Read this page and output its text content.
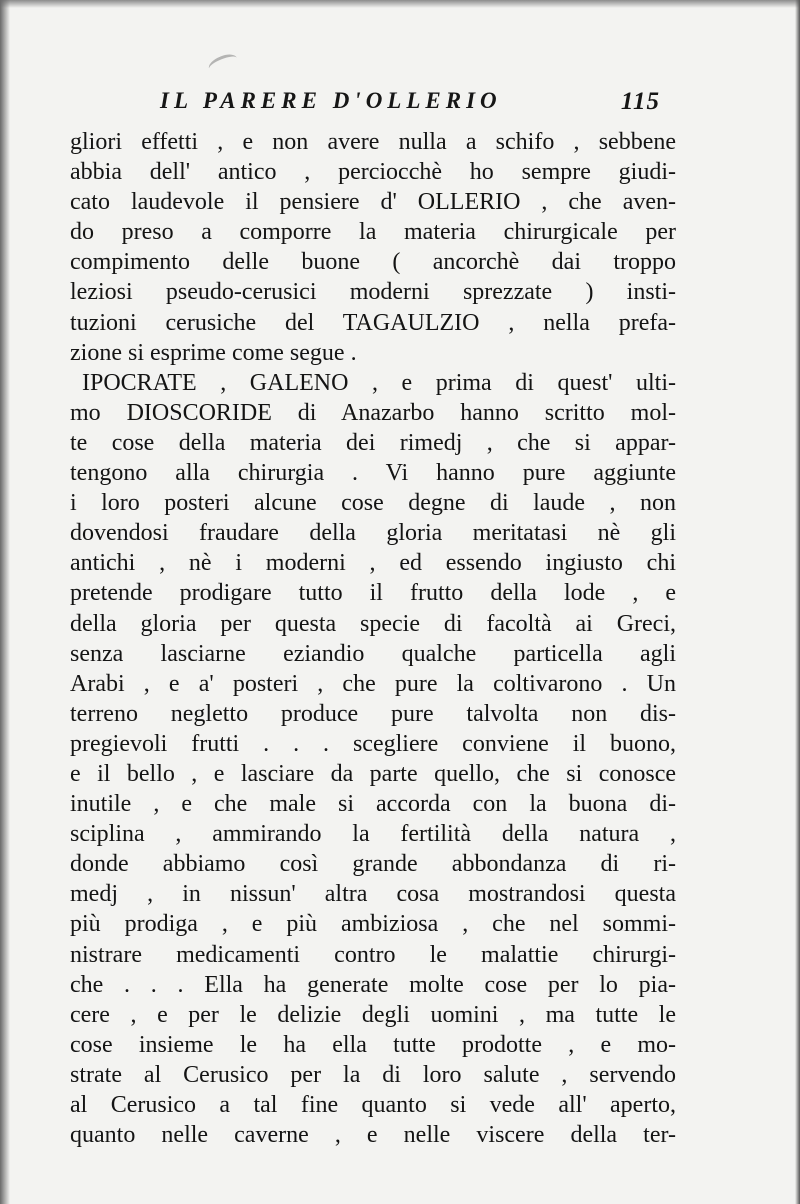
IL PARERE D'OLLERIO	115
gliori effetti , e non avere nulla a schifo , sebbene
abbia dell' antico , perciocchè ho sempre giudi-
cato laudevole il pensiere d' OLLERIO , che aven-
do preso a comporre la materia chirurgicale per
compimento delle buone ( ancorchè dai troppo
leziosi pseudo-cerusici moderni sprezzate ) insti-
tuzioni cerusiche del TAGAULZIO , nella prefa-
zione si esprime come segue .
IPOCRATE , GALENO , e prima di quest' ulti-
mo DIOSCORIDE di Anazarbo hanno scritto mol-
te cose della materia dei rimedj , che si appar-
tengono alla chirurgia . Vi hanno pure aggiunte
i loro posteri alcune cose degne di laude , non
dovendosi fraudare della gloria meritatasi nè gli
antichi , nè i moderni , ed essendo ingiusto chi
pretende prodigare tutto il frutto della lode , e
della gloria per questa specie di facoltà ai Greci,
senza lasciarne eziandio qualche particella agli
Arabi , e a' posteri , che pure la coltivarono . Un
terreno negletto produce pure talvolta non dis-
pregievoli frutti . . . scegliere conviene il buono,
e il bello , e lasciare da parte quello, che si conosce
inutile , e che male si accorda con la buona di-
sciplina , ammirando la fertilità della natura ,
donde abbiamo così grande abbondanza di ri-
medj , in nissun' altra cosa mostrandosi questa
più prodiga , e più ambiziosa , che nel sommi-
nistrare medicamenti contro le malattie chirurgi-
che . . . Ella ha generate molte cose per lo pia-
cere , e per le delizie degli uomini , ma tutte le
cose insieme le ha ella tutte prodotte , e mo-
strate al Cerusico per la di loro salute , servendo
al Cerusico a tal fine quanto si vede all' aperto,
quanto nelle caverne , e nelle viscere della ter-
